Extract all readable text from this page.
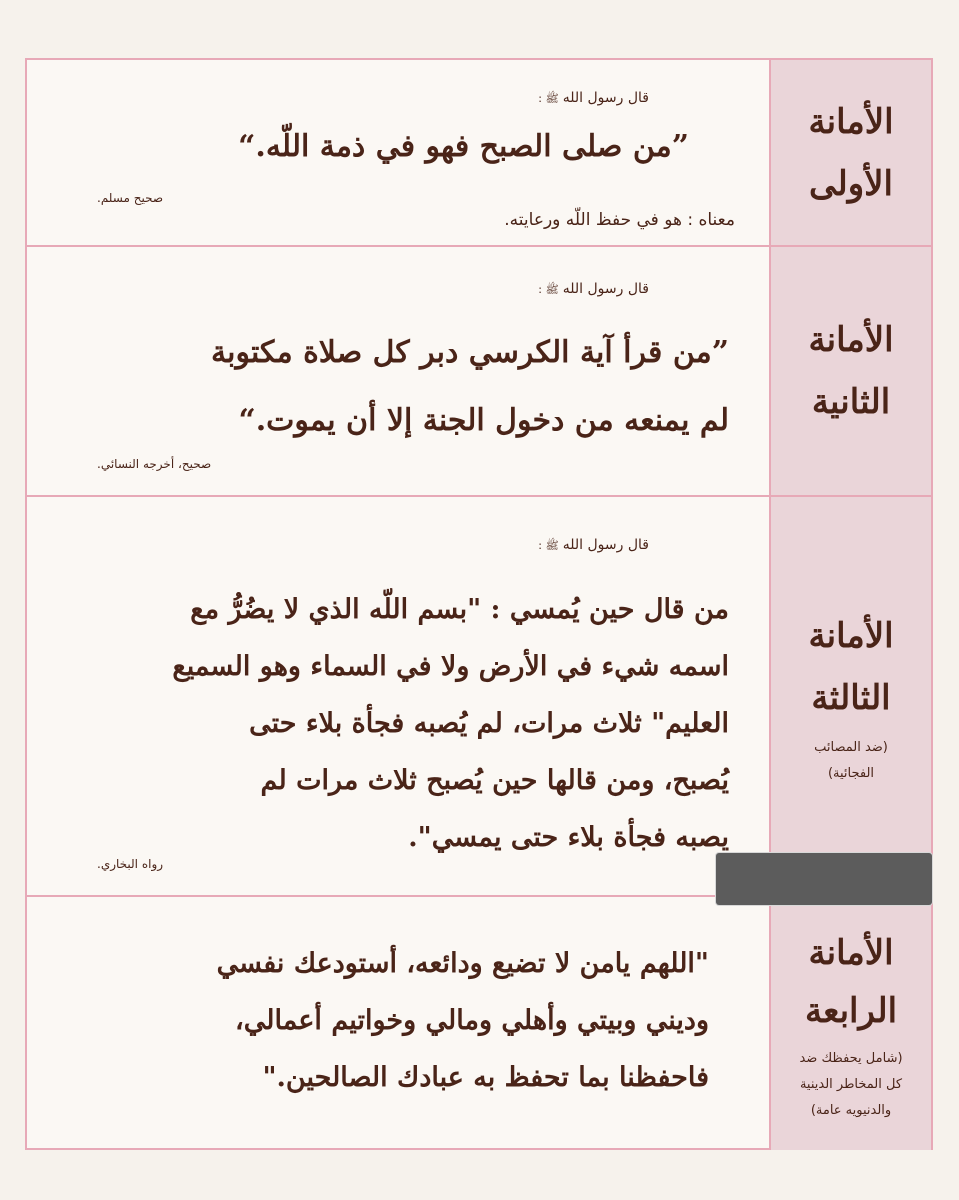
الأمانة
الأولى
قال رسول اللهﷺ :

”من صلى الصبح فهو في ذمة اللّه.“

صحيح مسلم.
معناه : هو في حفظ اللّه ورعايته.
الأمانة
الثانية
قال رسول اللهﷺ :

”من قرأ آية الكرسي دبر كل صلاة مكتوبة

لم يمنعه من دخول الجنة إلا أن يموت.“

صحيح، أخرجه النسائي.
الأمانة
الثالثة
(ضد المصائب
الفجائية)
قال رسول اللهﷺ :

من قال حين يُمسي : "بسم اللّه الذي لا يضُرُّ مع

اسمه شيء في الأرض ولا في السماء وهو السميع

العليم" ثلاث مرات، لم يُصبه فجأة بلاء حتى

يُصبح، ومن قالها حين يُصبح ثلاث مرات لم

يصبه فجأة بلاء حتى يمسي".

رواه البخاري.
الأمانة
الرابعة
(شامل يحفظك ضد
كل المخاطر الدينية
والدنيويه عامة)

"اللهم يامن لا تضيع ودائعه، أستودعك نفسي

وديني وبيتي وأهلي ومالي وخواتيم أعمالي،

فاحفظنا بما تحفظ به عبادك الصالحين."
